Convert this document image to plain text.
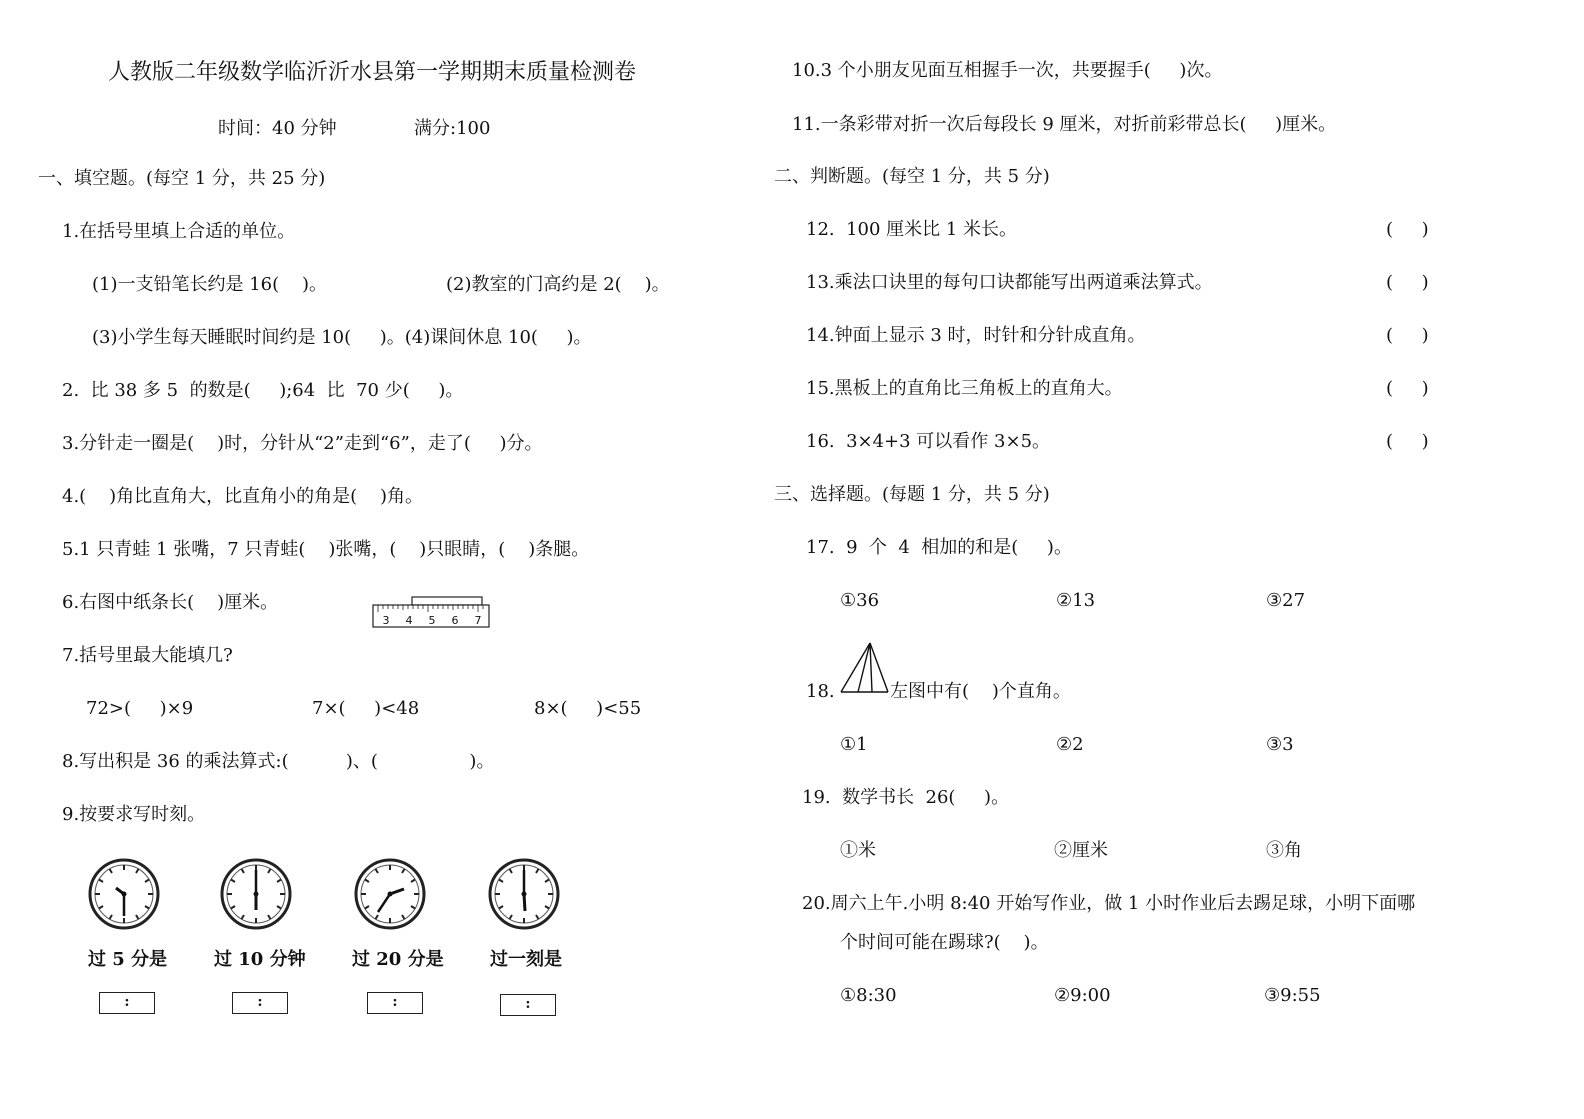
人教版二年级数学临沂沂水县第一学期期末质量检测卷
时间：40 分钟	满分:100
一、填空题。(每空 1 分，共 25 分)
1.在括号里填上合适的单位。
(1)一支铅笔长约是 16(    )。	(2)教室的门高约是 2(    )。
(3)小学生每天睡眠时间约是 10(     )。(4)课间休息 10(     )。
2.  比 38 多 5  的数是(     );64  比  70 少(     )。
3.分针走一圈是(    )时，分针从“2”走到“6”，走了(     )分。
4.(    )角比直角大，比直角小的角是(    )角。
5.1 只青蛙 1 张嘴，7 只青蛙(    )张嘴，(    )只眼睛，(    )条腿。
6.右图中纸条长(    )厘米。
3 4 5 6 7
7.括号里最大能填几?
72>(     )×9	7×(     )<48	8×(     )<55
8.写出积是 36 的乘法算式:(          )、(                )。
9.按要求写时刻。
过 5 分是	过 10 分钟	过 20 分是	过一刻是
:	:	:	:
10.3 个小朋友见面互相握手一次，共要握手(     )次。
11.一条彩带对折一次后每段长 9 厘米，对折前彩带总长(     )厘米。
二、判断题。(每空 1 分，共 5 分)
12.  100 厘米比 1 米长。	(     )
13.乘法口诀里的每句口诀都能写出两道乘法算式。	(     )
14.钟面上显示 3 时，时针和分针成直角。	(     )
15.黑板上的直角比三角板上的直角大。	(     )
16.  3×4+3 可以看作 3×5。	(     )
三、选择题。(每题 1 分，共 5 分)
17.  9  个  4  相加的和是(     )。
①36	②13	③27
18.	左图中有(    )个直角。
①1	②2	③3
19.  数学书长  26(     )。
①米	②厘米	③角
20.周六上午.小明 8:40 开始写作业，做 1 小时作业后去踢足球，小明下面哪
个时间可能在踢球?(    )。
①8:30	②9:00	③9:55
